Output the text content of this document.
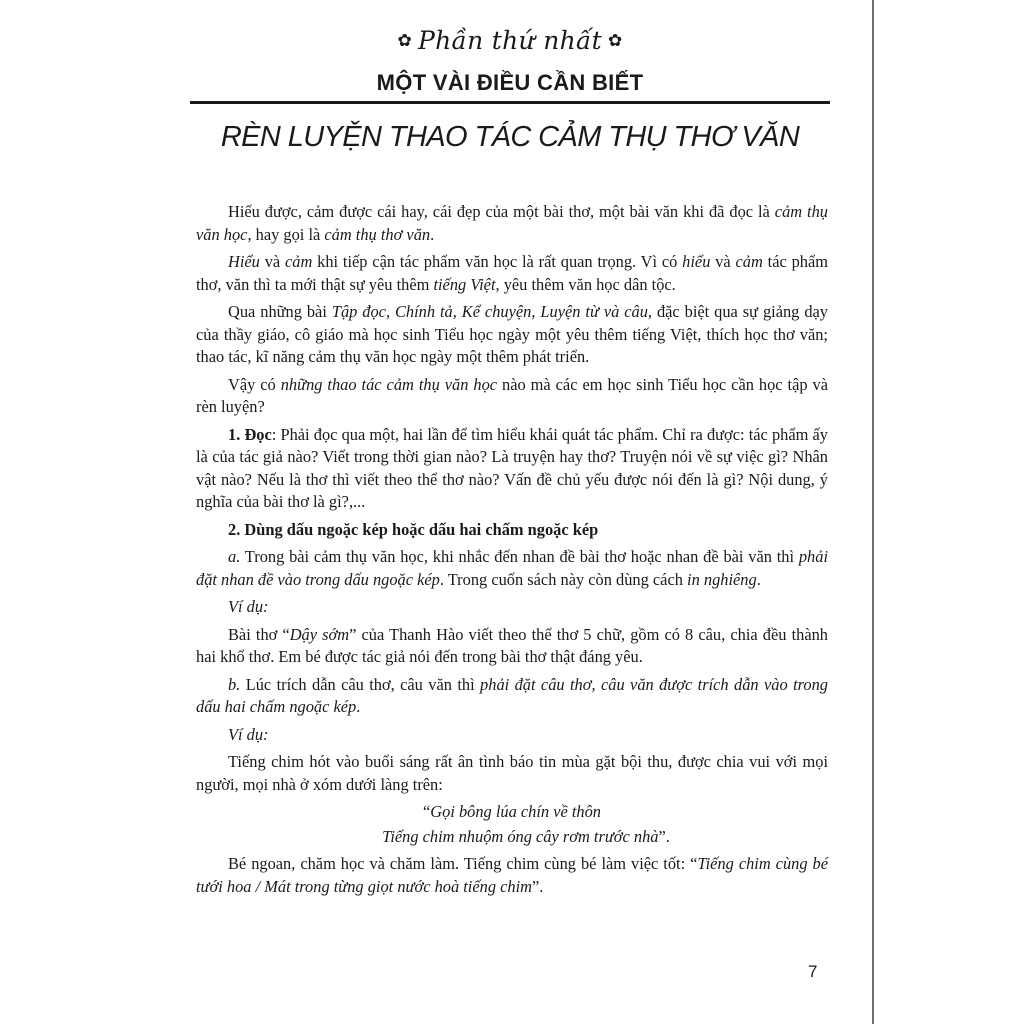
✿ Phần thứ nhất ✿
MỘT VÀI ĐIỀU CẦN BIẾT
RÈN LUYỆN THAO TÁC CẢM THỤ THƠ VĂN

Hiểu được, cảm được cái hay, cái đẹp của một bài thơ, một bài văn khi đã đọc là cảm thụ văn học, hay gọi là cảm thụ thơ văn.

Hiểu và cảm khi tiếp cận tác phẩm văn học là rất quan trọng. Vì có hiểu và cảm tác phẩm thơ, văn thì ta mới thật sự yêu thêm tiếng Việt, yêu thêm văn học dân tộc.

Qua những bài Tập đọc, Chính tả, Kể chuyện, Luyện từ và câu, đặc biệt qua sự giảng dạy của thầy giáo, cô giáo mà học sinh Tiểu học ngày một yêu thêm tiếng Việt, thích học thơ văn; thao tác, kĩ năng cảm thụ văn học ngày một thêm phát triển.

Vậy có những thao tác cảm thụ văn học nào mà các em học sinh Tiểu học cần học tập và rèn luyện?

1. Đọc: Phải đọc qua một, hai lần để tìm hiểu khái quát tác phẩm. Chỉ ra được: tác phẩm ấy là của tác giả nào? Viết trong thời gian nào? Là truyện hay thơ? Truyện nói về sự việc gì? Nhân vật nào? Nếu là thơ thì viết theo thể thơ nào? Vấn đề chủ yếu được nói đến là gì? Nội dung, ý nghĩa của bài thơ là gì?,...

2. Dùng dấu ngoặc kép hoặc dấu hai chấm ngoặc kép

a. Trong bài cảm thụ văn học, khi nhắc đến nhan đề bài thơ hoặc nhan đề bài văn thì phải đặt nhan đề vào trong dấu ngoặc kép. Trong cuốn sách này còn dùng cách in nghiêng.

Ví dụ:

Bài thơ “Dậy sớm” của Thanh Hào viết theo thể thơ 5 chữ, gồm có 8 câu, chia đều thành hai khổ thơ. Em bé được tác giả nói đến trong bài thơ thật đáng yêu.

b. Lúc trích dẫn câu thơ, câu văn thì phải đặt câu thơ, câu văn được trích dẫn vào trong dấu hai chấm ngoặc kép.

Ví dụ:

Tiếng chim hót vào buổi sáng rất ân tình báo tin mùa gặt bội thu, được chia vui với mọi người, mọi nhà ở xóm dưới làng trên:

“Gọi bông lúa chín về thôn

Tiếng chim nhuộm óng cây rơm trước nhà”.

Bé ngoan, chăm học và chăm làm. Tiếng chim cùng bé làm việc tốt: “Tiếng chim cùng bé tưới hoa / Mát trong từng giọt nước hoà tiếng chim”.

7
